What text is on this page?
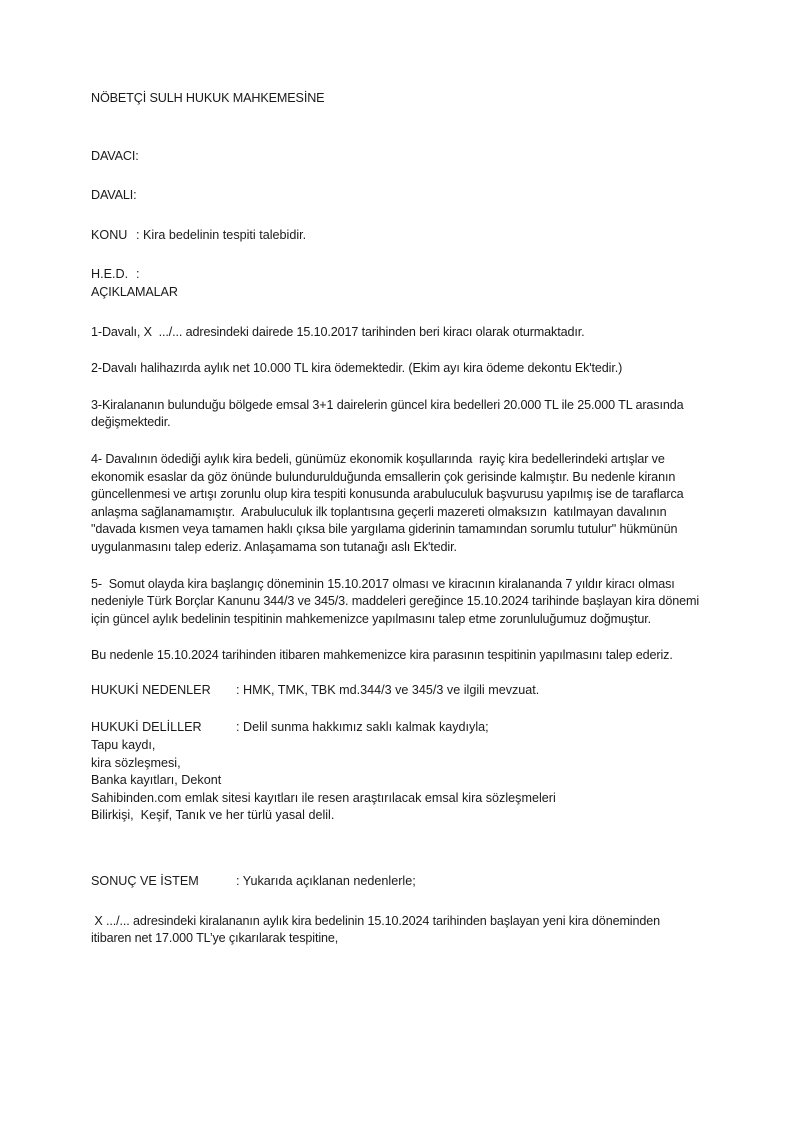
NÖBETÇİ SULH HUKUK MAHKEMESİNE
DAVACI:
DAVALI:
KONU : Kira bedelinin tespiti talebidir.
H.E.D. :
AÇIKLAMALAR
1-Davalı, X  .../... adresindeki dairede 15.10.2017 tarihinden beri kiracı olarak oturmaktadır.
2-Davalı halihazırda aylık net 10.000 TL kira ödemektedir. (Ekim ayı kira ödeme dekontu Ek'tedir.)
3-Kiralananın bulunduğu bölgede emsal 3+1 dairelerin güncel kira bedelleri 20.000 TL ile 25.000 TL arasında değişmektedir.
4- Davalının ödediği aylık kira bedeli, günümüz ekonomik koşullarında  rayiç kira bedellerindeki artışlar ve ekonomik esaslar da göz önünde bulundurulduğunda emsallerin çok gerisinde kalmıştır. Bu nedenle kiranın güncellenmesi ve artışı zorunlu olup kira tespiti konusunda arabuluculuk başvurusu yapılmış ise de taraflarca anlaşma sağlanamamıştır.  Arabuluculuk ilk toplantısına geçerli mazereti olmaksızın  katılmayan davalının "davada kısmen veya tamamen haklı çıksa bile yargılama giderinin tamamından sorumlu tutulur" hükmünün uygulanmasını talep ederiz. Anlaşamama son tutanağı aslı Ek'tedir.
5-  Somut olayda kira başlangıç döneminin 15.10.2017 olması ve kiracının kiralananda 7 yıldır kiracı olması nedeniyle Türk Borçlar Kanunu 344/3 ve 345/3. maddeleri gereğince 15.10.2024 tarihinde başlayan kira dönemi için güncel aylık bedelinin tespitinin mahkemenizce yapılmasını talep etme zorunluluğumuz doğmuştur.
Bu nedenle 15.10.2024 tarihinden itibaren mahkemenizce kira parasının tespitinin yapılmasını talep ederiz.
HUKUKİ NEDENLER	: HMK, TMK, TBK md.344/3 ve 345/3 ve ilgili mevzuat.
HUKUKİ DELİLLER	: Delil sunma hakkımız saklı kalmak kaydıyla;
Tapu kaydı,
kira sözleşmesi,
Banka kayıtları, Dekont
Sahibinden.com emlak sitesi kayıtları ile resen araştırılacak emsal kira sözleşmeleri
Bilirkişi,  Keşif, Tanık ve her türlü yasal delil.
SONUÇ VE İSTEM	: Yukarıda açıklanan nedenlerle;
X .../... adresindeki kiralananın aylık kira bedelinin 15.10.2024 tarihinden başlayan yeni kira döneminden itibaren net 17.000 TL’ye çıkarılarak tespitine,
